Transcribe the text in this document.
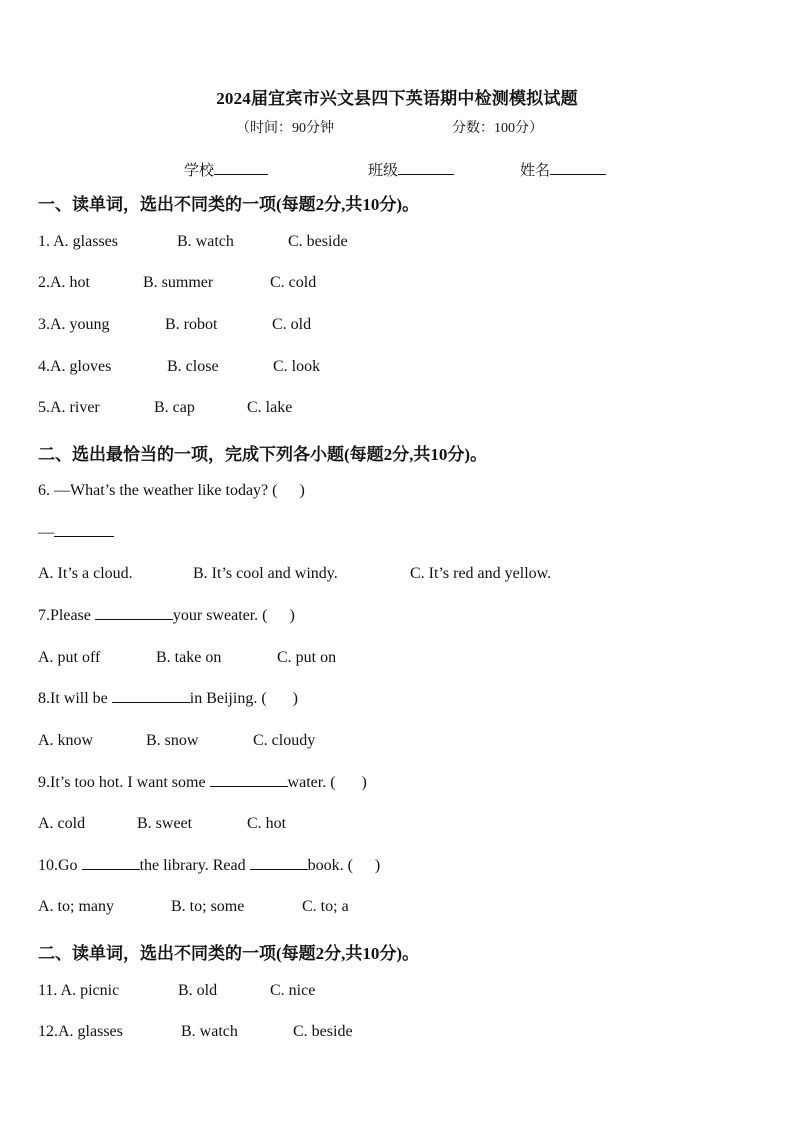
2024届宜宾市兴文县四下英语期中检测模拟试题
（时间：90分钟	分数：100分）
学校	班级	姓名
一、读单词，选出不同类的一项(每题2分,共10分)。
1. A. glasses	B. watch	C. beside
2.A. hot	B. summer	C. cold
3.A. young	B. robot	C. old
4.A. gloves	B. close	C. look
5.A. river	B. cap	C. lake
二、选出最恰当的一项，完成下列各小题(每题2分,共10分)。
6. —What’s the weather like today? ( )
—
A. It’s a cloud.	B. It’s cool and windy.	C. It’s red and yellow.
7.Please	your sweater. ( )
A. put off	B. take on	C. put on
8.It will be	in Beijing. ( )
A. know	B. snow	C. cloudy
9.It’s too hot. I want some	water. ( )
A. cold	B. sweet	C. hot
10.Go	the library. Read	book. ( )
A. to; many	B. to; some	C. to; a
二、读单词，选出不同类的一项(每题2分,共10分)。
11. A. picnic	B. old	C. nice
12.A. glasses	B. watch	C. beside
